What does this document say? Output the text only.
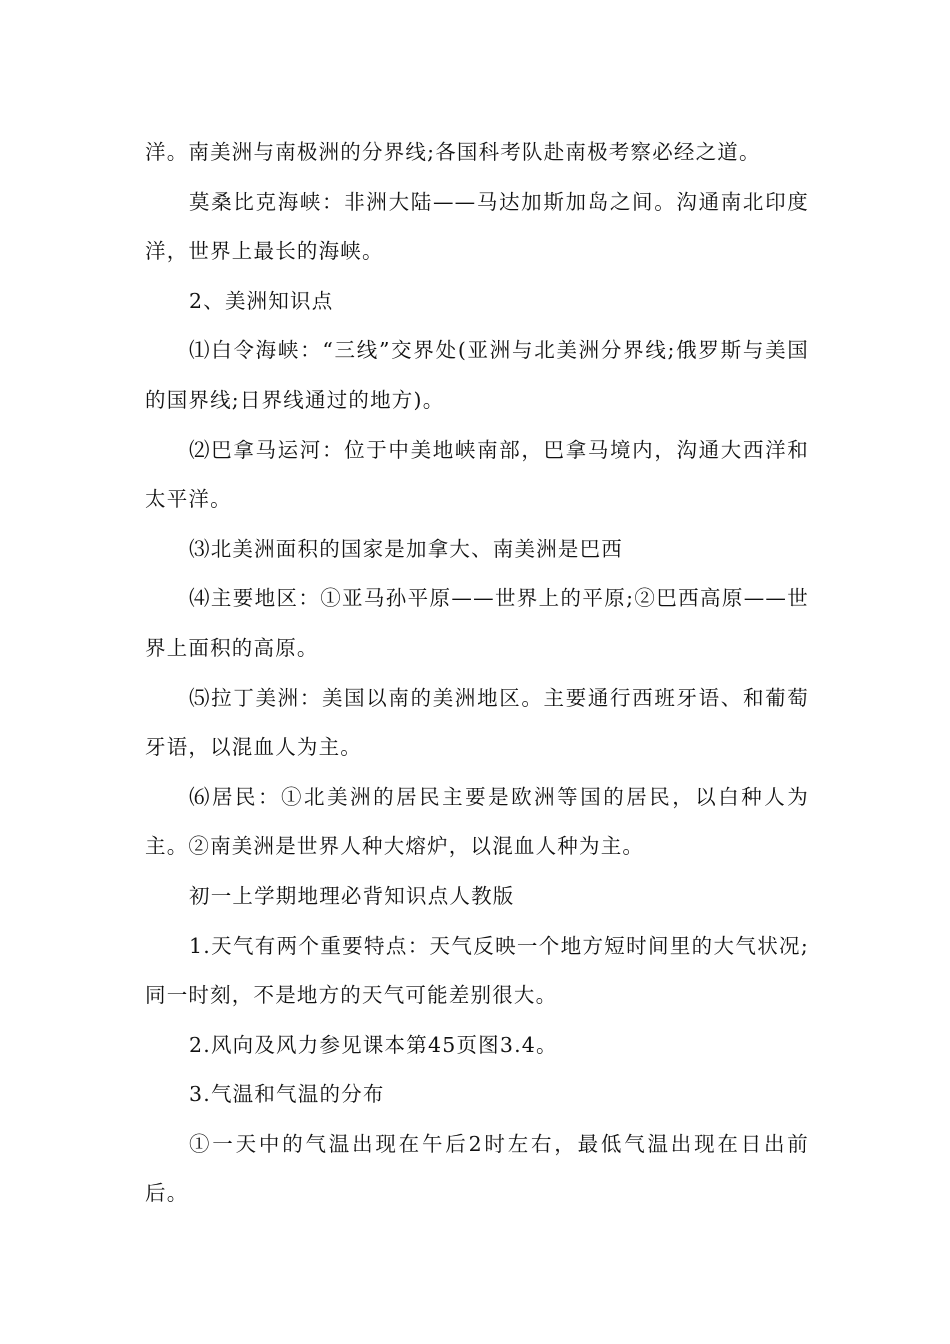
洋。南美洲与南极洲的分界线;各国科考队赴南极考察必经之道。

莫桑比克海峡：非洲大陆——马达加斯加岛之间。沟通南北印度洋，世界上最长的海峡。

2、美洲知识点

⑴白令海峡：“三线”交界处(亚洲与北美洲分界线;俄罗斯与美国的国界线;日界线通过的地方)。

⑵巴拿马运河：位于中美地峡南部，巴拿马境内，沟通大西洋和太平洋。

⑶北美洲面积的国家是加拿大、南美洲是巴西

⑷主要地区：①亚马孙平原——世界上的平原;②巴西高原——世界上面积的高原。

⑸拉丁美洲：美国以南的美洲地区。主要通行西班牙语、和葡萄牙语，以混血人为主。

⑹居民：①北美洲的居民主要是欧洲等国的居民，以白种人为主。②南美洲是世界人种大熔炉，以混血人种为主。

初一上学期地理必背知识点人教版

1.天气有两个重要特点：天气反映一个地方短时间里的大气状况;同一时刻，不是地方的天气可能差别很大。

2.风向及风力参见课本第45页图3.4。

3.气温和气温的分布

①一天中的气温出现在午后2时左右，最低气温出现在日出前后。
